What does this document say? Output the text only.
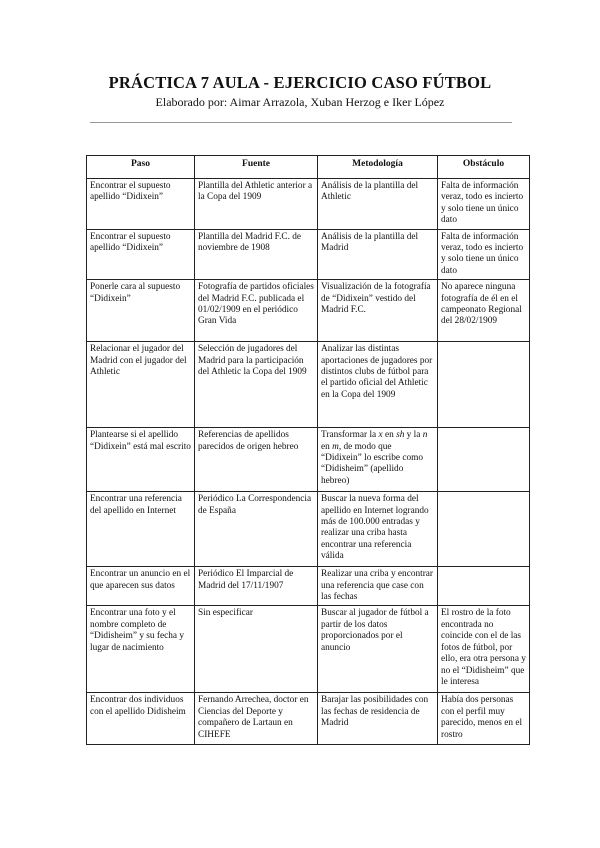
PRÁCTICA 7 AULA - EJERCICIO CASO FÚTBOL
Elaborado por: Aimar Arrazola, Xuban Herzog e Iker López
Paso	Fuente	Metodología	Obstáculo
Encontrar el supuesto apellido “Didixein”	Plantilla del Athletic anterior a la Copa del 1909	Análisis de la plantilla del Athletic	Falta de información veraz, todo es incierto y solo tiene un único dato
Encontrar el supuesto apellido “Didixein”	Plantilla del Madrid F.C. de noviembre de 1908	Análisis de la plantilla del Madrid	Falta de información veraz, todo es incierto y solo tiene un único dato
Ponerle cara al supuesto “Didixein”	Fotografía de partidos oficiales del Madrid F.C. publicada el 01/02/1909 en el periódico Gran Vida	Visualización de la fotografía de “Didixein” vestido del Madrid F.C.	No aparece ninguna fotografía de él en el campeonato Regional del 28/02/1909
Relacionar el jugador del Madrid con el jugador del Athletic	Selección de jugadores del Madrid para la participación del Athletic la Copa del 1909	Analizar las distintas aportaciones de jugadores por distintos clubs de fútbol para el partido oficial del Athletic en la Copa del 1909	
Plantearse si el apellido “Didixein” está mal escrito	Referencias de apellidos parecidos de origen hebreo	Transformar la x en sh y la n en m, de modo que “Didixein” lo escribe como “Didisheim” (apellido hebreo)	
Encontrar una referencia del apellido en Internet	Periódico La Correspondencia de España	Buscar la nueva forma del apellido en Internet logrando más de 100.000 entradas y realizar una criba hasta encontrar una referencia válida	
Encontrar un anuncio en el que aparecen sus datos	Periódico El Imparcial de Madrid del 17/11/1907	Realizar una criba y encontrar una referencia que case con las fechas	
Encontrar una foto y el nombre completo de “Didisheim” y su fecha y lugar de nacimiento	Sin especificar	Buscar al jugador de fútbol a partir de los datos proporcionados por el anuncio	El rostro de la foto encontrada no coincide con el de las fotos de fútbol, por ello, era otra persona y no el “Didisheim” que le interesa
Encontrar dos individuos con el apellido Didisheim	Fernando Arrechea, doctor en Ciencias del Deporte y compañero de Lartaun en CIHEFE	Barajar las posibilidades con las fechas de residencia de Madrid	Había dos personas con el perfil muy parecido, menos en el rostro
